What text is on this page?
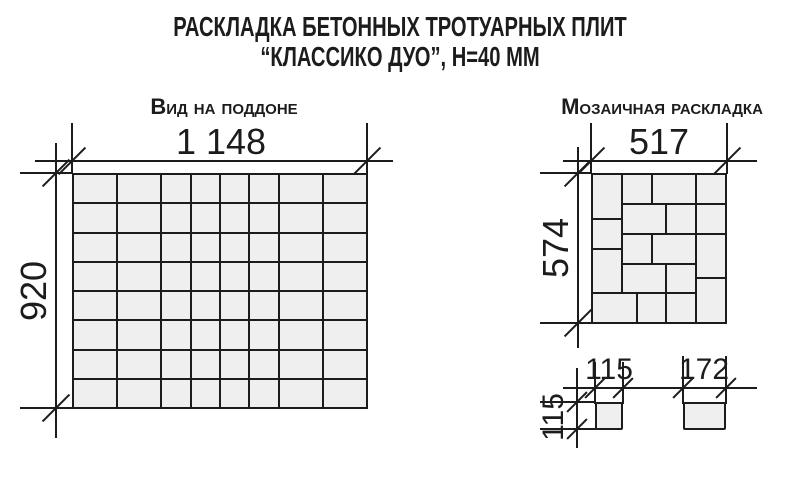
РАСКЛАДКА БЕТОННЫХ ТРОТУАРНЫХ ПЛИТ
“КЛАССИКО ДУО”, Н=40 ММ
Вид на поддоне	Мозаичная раскладка
1 148
920
517
574
115	172
115
